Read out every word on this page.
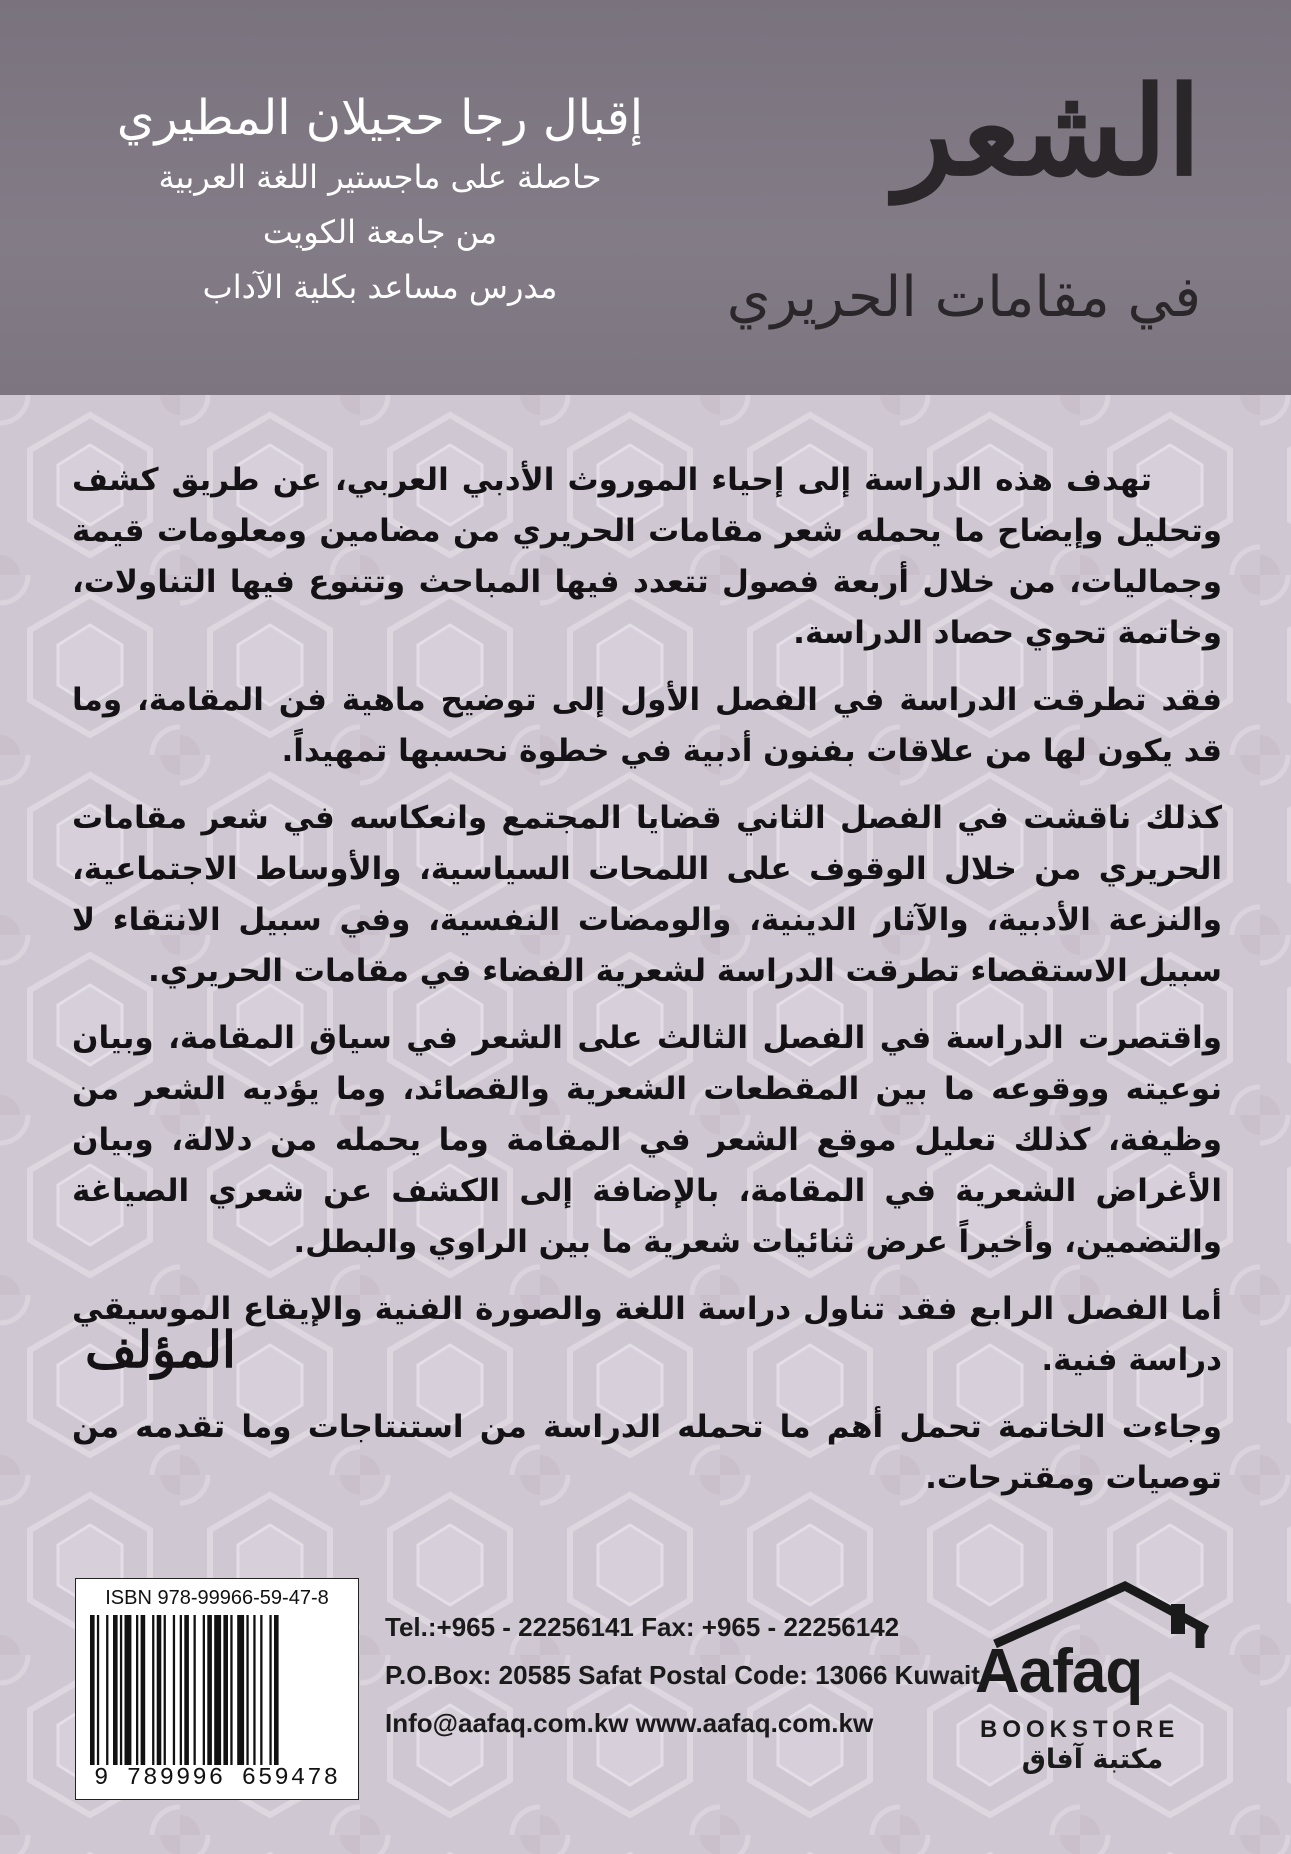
الشعر
في مقامات الحريري
إقبال رجا حجيلان المطيري
حاصلة على ماجستير اللغة العربية
من جامعة الكويت
مدرس مساعد بكلية الآداب

تهدف هذه الدراسة إلى إحياء الموروث الأدبي العربي، عن طريق كشف وتحليل وإيضاح ما يحمله شعر مقامات الحريري من مضامين ومعلومات قيمة وجماليات، من خلال أربعة فصول تتعدد فيها المباحث وتتنوع فيها التناولات، وخاتمة تحوي حصاد الدراسة.

فقد تطرقت الدراسة في الفصل الأول إلى توضيح ماهية فن المقامة، وما قد يكون لها من علاقات بفنون أدبية في خطوة نحسبها تمهيداً.

كذلك ناقشت في الفصل الثاني قضايا المجتمع وانعكاسه في شعر مقامات الحريري من خلال الوقوف على اللمحات السياسية، والأوساط الاجتماعية، والنزعة الأدبية، والآثار الدينية، والومضات النفسية، وفي سبيل الانتقاء لا سبيل الاستقصاء تطرقت الدراسة لشعرية الفضاء في مقامات الحريري.

واقتصرت الدراسة في الفصل الثالث على الشعر في سياق المقامة، وبيان نوعيته ووقوعه ما بين المقطعات الشعرية والقصائد، وما يؤديه الشعر من وظيفة، كذلك تعليل موقع الشعر في المقامة وما يحمله من دلالة، وبيان الأغراض الشعرية في المقامة، بالإضافة إلى الكشف عن شعري الصياغة والتضمين، وأخيراً عرض ثنائيات شعرية ما بين الراوي والبطل.

أما الفصل الرابع فقد تناول دراسة اللغة والصورة الفنية والإيقاع الموسيقي دراسة فنية.

وجاءت الخاتمة تحمل أهم ما تحمله الدراسة من استنتاجات وما تقدمه من توصيات ومقترحات.

المؤلف
ISBN 978-99966-59-47-8
9 789996 659478
Tel.:+965 - 22256141 Fax: +965 - 22256142
P.O.Box: 20585 Safat Postal Code: 13066 Kuwait
Info@aafaq.com.kw www.aafaq.com.kw
Aafaq
BOOKSTORE
مكتبة آفاق
